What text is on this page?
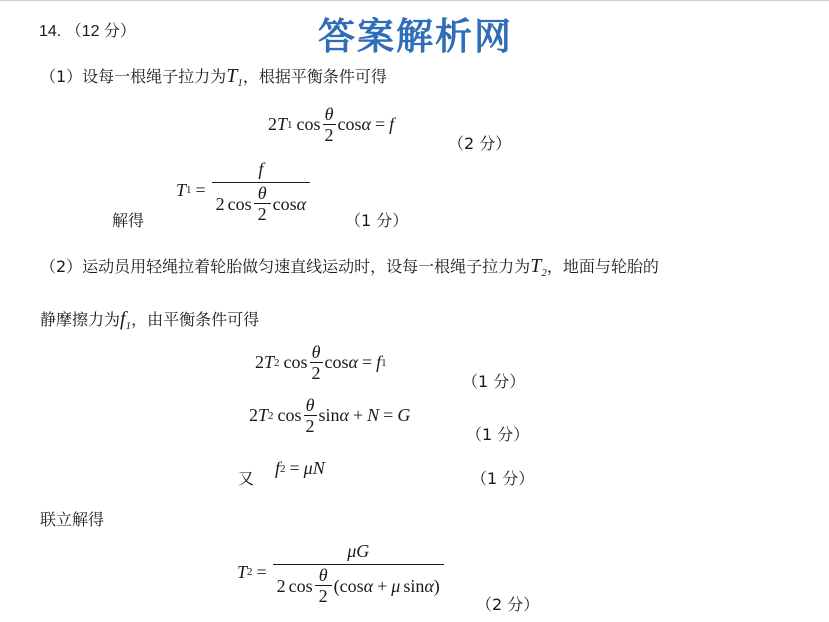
14. （12 分）	答案解析网
（1）设每一根绳子拉力为$T_1$，根据平衡条件可得
2 T 1 $\cos \frac{\theta}{2}$ cos α = f
（2 分）
T $1 = \frac{f}{2 \cos \frac{\theta}{2} \cos \alpha}$
解得	（1 分）
（2）运动员用轻绳拉着轮胎做匀速直线运动时，设每一根绳子拉力为$T_2$，地面与轮胎的
静摩擦力为$f_1$，由平衡条件可得
2 T 2 $\cos \frac{\theta}{2}$ cos α = f 1
（1 分）
2 T 2 $\cos \frac{\theta}{2}$ sin α + N = G
（1 分）
又
f 2 = μN
（1 分）
联立解得
T $2 = \frac{\mu G}{2 \cos \frac{\theta}{2} (\cos \alpha + \mu \sin \alpha )} (2$ 分）
